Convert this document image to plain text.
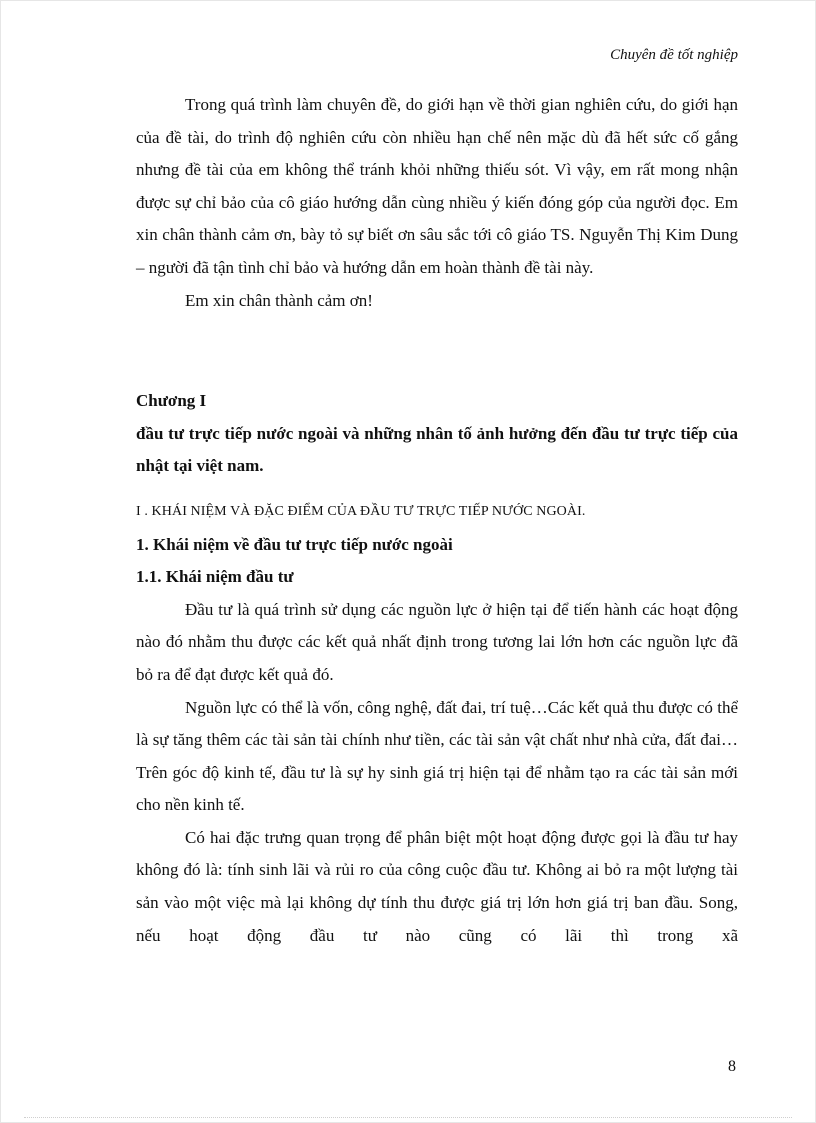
Chuyên đề tốt nghiệp

Trong quá trình làm chuyên đề, do giới hạn về thời gian nghiên cứu, do giới hạn của đề tài, do trình độ nghiên cứu còn nhiều hạn chế nên mặc dù đã hết sức cố gắng nhưng đề tài của em không thể tránh khỏi những thiếu sót. Vì vậy, em rất mong nhận được sự chỉ bảo của cô giáo hướng dẫn cùng nhiều ý kiến đóng góp của người đọc. Em xin chân thành cảm ơn, bày tỏ sự biết ơn sâu sắc tới cô giáo TS. Nguyễn Thị Kim Dung – người đã tận tình chỉ bảo và hướng dẫn em hoàn thành đề tài này.

Em xin chân thành cảm ơn!

Chương I

đầu tư trực tiếp nước ngoài và những nhân tố ảnh hưởng đến đầu tư trực tiếp của nhật tại việt nam.

I . KHÁI NIỆM VÀ ĐẶC ĐIỂM CỦA ĐẦU TƯ TRỰC TIẾP NƯỚC NGOÀI.

1. Khái niệm về đầu tư trực tiếp nước ngoài

1.1. Khái niệm đầu tư

Đầu tư là quá trình sử dụng các nguồn lực ở hiện tại để tiến hành các hoạt động nào đó nhằm thu được các kết quả nhất định trong tương lai lớn hơn các nguồn lực đã bỏ ra để đạt được kết quả đó.

Nguồn lực có thể là vốn, công nghệ, đất đai, trí tuệ…Các kết quả thu được có thể là sự tăng thêm các tài sản tài chính như tiền, các tài sản vật chất như nhà cửa, đất đai…Trên góc độ kinh tế, đầu tư là sự hy sinh giá trị hiện tại để nhằm tạo ra các tài sản mới cho nền kinh tế.

Có hai đặc trưng quan trọng để phân biệt một hoạt động được gọi là đầu tư hay không đó là: tính sinh lãi và rủi ro của công cuộc đầu tư. Không ai bỏ ra một lượng tài sản vào một việc mà lại không dự tính thu được giá trị lớn hơn giá trị ban đầu. Song, nếu hoạt động đầu tư nào cũng có lãi thì trong xã

8
